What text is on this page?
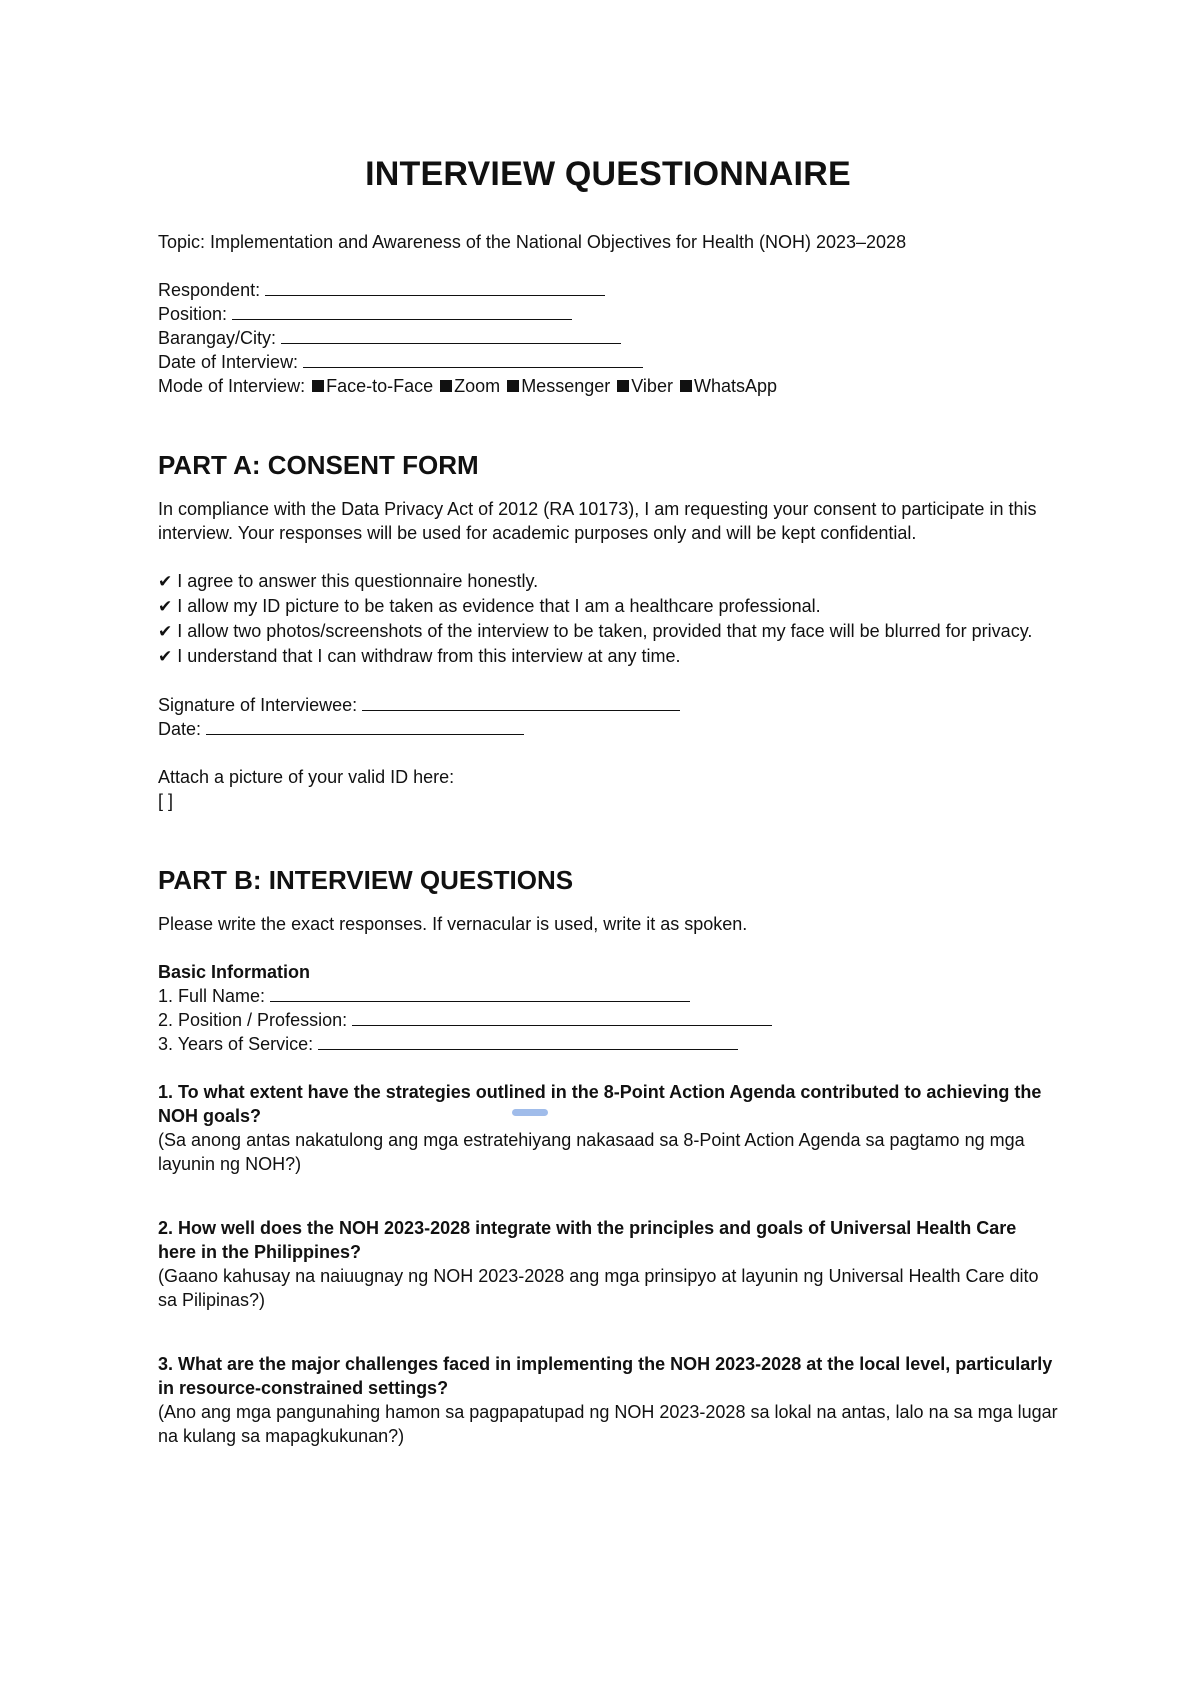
INTERVIEW QUESTIONNAIRE

Topic: Implementation and Awareness of the National Objectives for Health (NOH) 2023–2028

Respondent:

Position:

Barangay/City:

Date of Interview:

Mode of Interview: Face-to-Face Zoom Messenger Viber WhatsApp

PART A: CONSENT FORM

In compliance with the Data Privacy Act of 2012 (RA 10173), I am requesting your consent to participate in this interview. Your responses will be used for academic purposes only and will be kept confidential.

✔ I agree to answer this questionnaire honestly.

✔ I allow my ID picture to be taken as evidence that I am a healthcare professional.

✔ I allow two photos/screenshots of the interview to be taken, provided that my face will be blurred for privacy.

✔ I understand that I can withdraw from this interview at any time.

Signature of Interviewee:

Date:

Attach a picture of your valid ID here:

[ ]

PART B: INTERVIEW QUESTIONS

Please write the exact responses. If vernacular is used, write it as spoken.

Basic Information

1. Full Name:

2. Position / Profession:

3. Years of Service:

1. To what extent have the strategies outlined in the 8-Point Action Agenda contributed to achieving the NOH goals?

(Sa anong antas nakatulong ang mga estratehiyang nakasaad sa 8-Point Action Agenda sa pagtamo ng mga layunin ng NOH?)

2. How well does the NOH 2023-2028 integrate with the principles and goals of Universal Health Care here in the Philippines?

(Gaano kahusay na naiuugnay ng NOH 2023-2028 ang mga prinsipyo at layunin ng Universal Health Care dito sa Pilipinas?)

3. What are the major challenges faced in implementing the NOH 2023-2028 at the local level, particularly in resource-constrained settings?

(Ano ang mga pangunahing hamon sa pagpapatupad ng NOH 2023-2028 sa lokal na antas, lalo na sa mga lugar na kulang sa mapagkukunan?)
